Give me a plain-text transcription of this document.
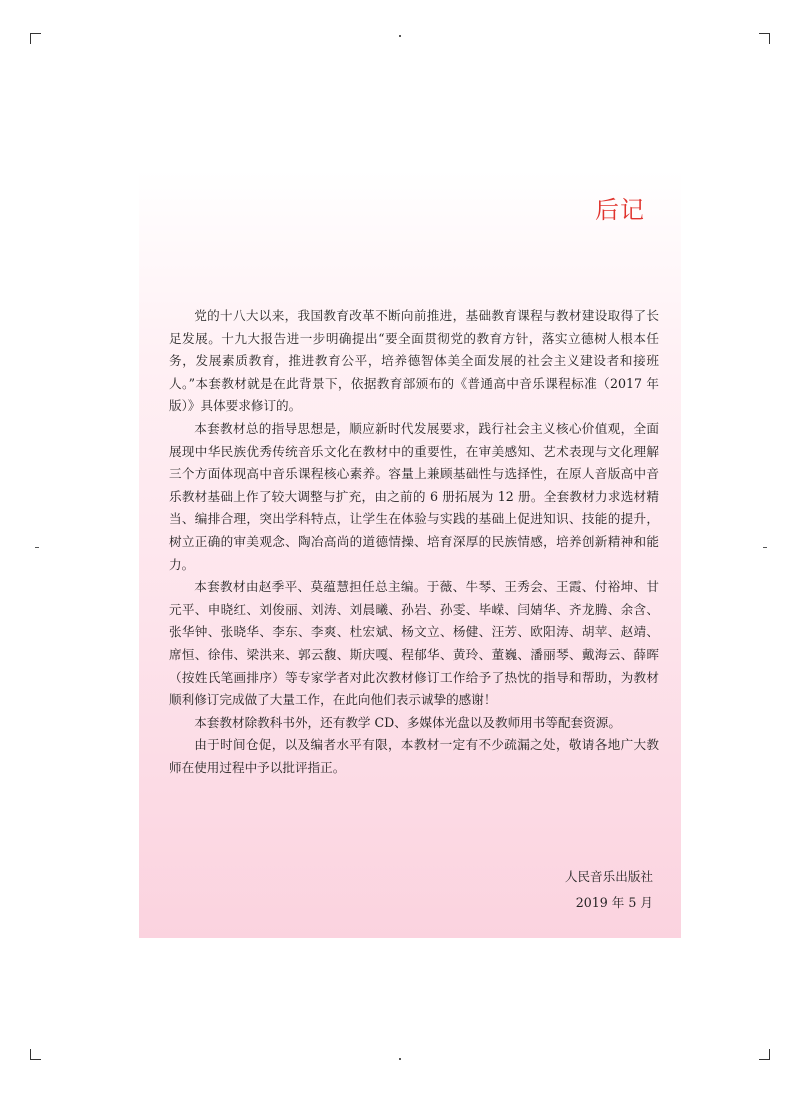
后记

党的十八大以来，我国教育改革不断向前推进，基础教育课程与教材建设取得了长足发展。十九大报告进一步明确提出“要全面贯彻党的教育方针，落实立德树人根本任务，发展素质教育，推进教育公平，培养德智体美全面发展的社会主义建设者和接班人。”本套教材就是在此背景下，依据教育部颁布的《普通高中音乐课程标准（2017 年版）》具体要求修订的。

本套教材总的指导思想是，顺应新时代发展要求，践行社会主义核心价值观，全面展现中华民族优秀传统音乐文化在教材中的重要性，在审美感知、艺术表现与文化理解三个方面体现高中音乐课程核心素养。容量上兼顾基础性与选择性，在原人音版高中音乐教材基础上作了较大调整与扩充，由之前的 6 册拓展为 12 册。全套教材力求选材精当、编排合理，突出学科特点，让学生在体验与实践的基础上促进知识、技能的提升，树立正确的审美观念、陶冶高尚的道德情操、培育深厚的民族情感，培养创新精神和能力。

本套教材由赵季平、莫蕴慧担任总主编。于薇、牛琴、王秀会、王霞、付裕坤、甘元平、申晓红、刘俊丽、刘涛、刘晨曦、孙岩、孙雯、毕嵘、闫婧华、齐龙腾、余含、张华钟、张晓华、李东、李爽、杜宏斌、杨文立、杨健、汪芳、欧阳涛、胡苹、赵靖、席恒、徐伟、梁洪来、郭云馥、斯庆嘎、程郁华、黄玲、董巍、潘丽琴、戴海云、薛晖（按姓氏笔画排序）等专家学者对此次教材修订工作给予了热忱的指导和帮助，为教材顺利修订完成做了大量工作，在此向他们表示诚挚的感谢！

本套教材除教科书外，还有教学 CD、多媒体光盘以及教师用书等配套资源。

由于时间仓促，以及编者水平有限，本教材一定有不少疏漏之处，敬请各地广大教师在使用过程中予以批评指正。

人民音乐出版社
2019 年 5 月
